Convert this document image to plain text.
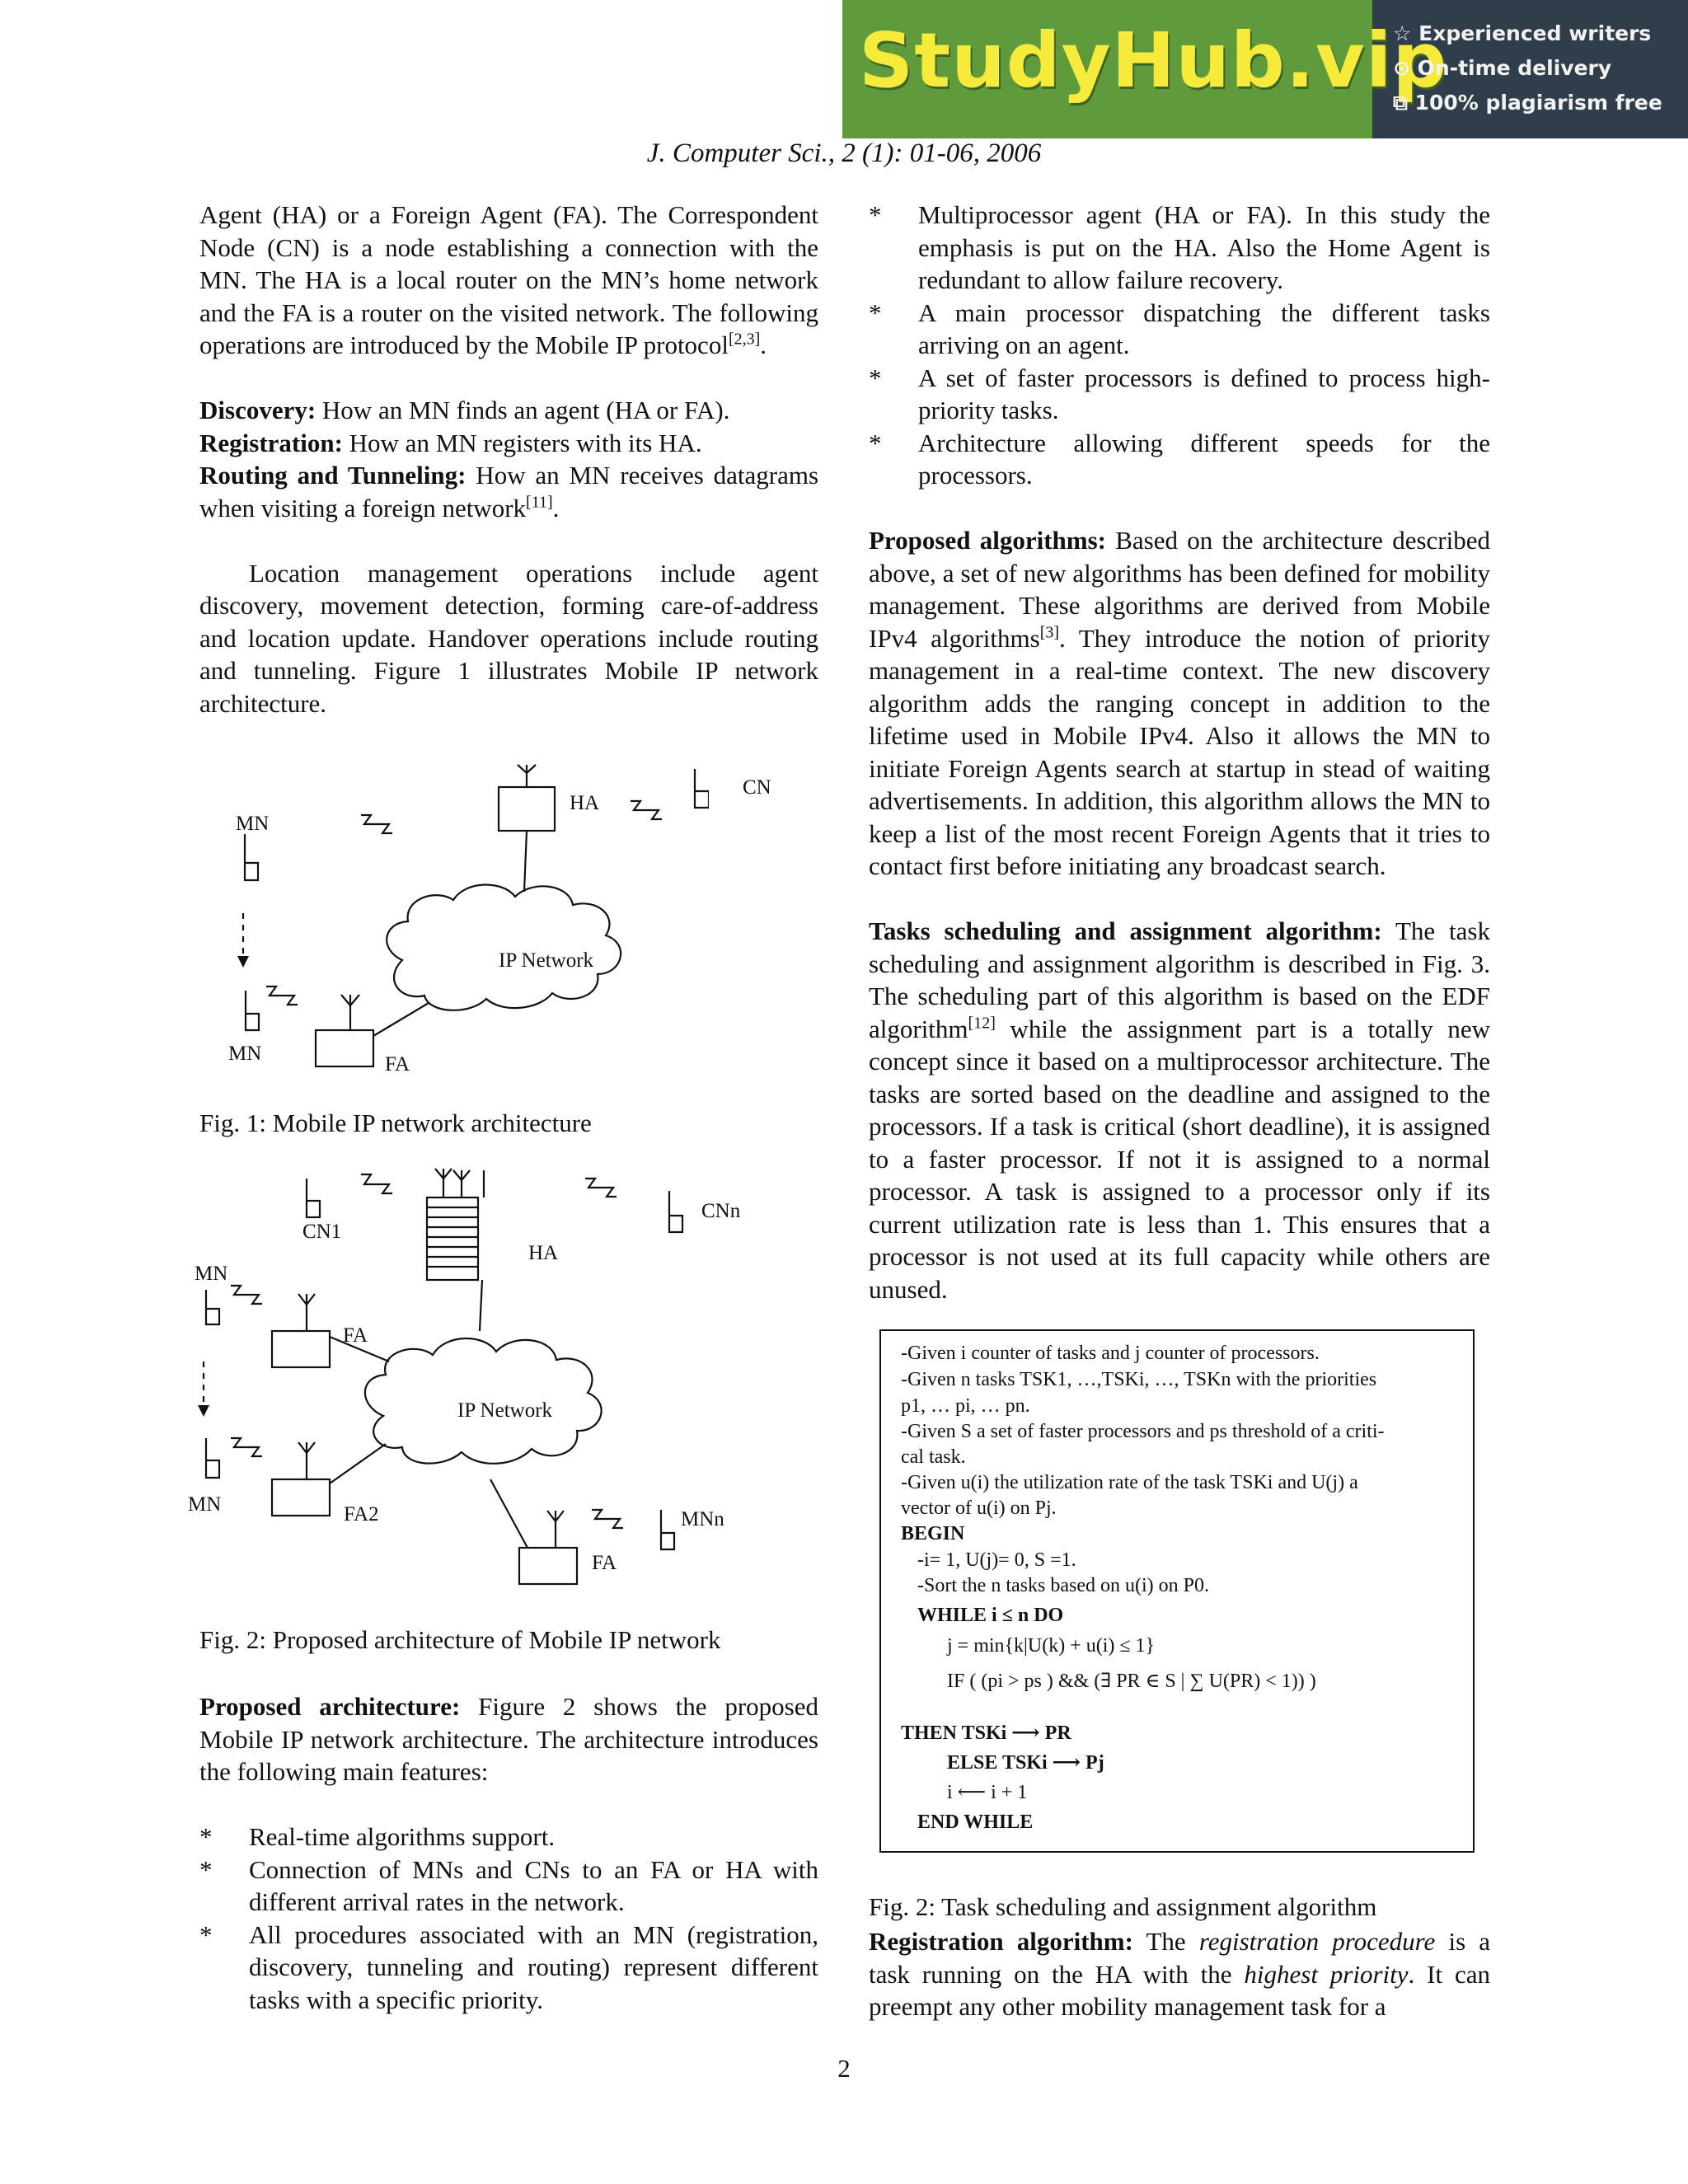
StudyHub.vip
☆ Experienced writers
⊙ On-time delivery
⧉ 100% plagiarism free
J. Computer Sci., 2 (1): 01-06, 2006

Agent (HA) or a Foreign Agent (FA). The Correspondent Node (CN) is a node establishing a connection with the MN. The HA is a local router on the MN’s home network and the FA is a router on the visited network. The following operations are introduced by the Mobile IP protocol[2,3].

Discovery: How an MN finds an agent (HA or FA).

Registration: How an MN registers with its HA.

Routing and Tunneling: How an MN receives datagrams when visiting a foreign network[11].

Location management operations include agent discovery, movement detection, forming care-of-address and location update. Handover operations include routing and tunneling. Figure 1 illustrates Mobile IP network architecture.

MN
HA
CN
IP Network
MN	FA
Fig. 1: Mobile IP network architecture
CN1
HA
CNn
MN
FA
IP Network
MN	FA2	MNn
FA
Fig. 2: Proposed architecture of Mobile IP network

Proposed architecture: Figure 2 shows the proposed Mobile IP network architecture. The architecture introduces the following main features:

* Real-time algorithms support.
* Connection of MNs and CNs to an FA or HA with different arrival rates in the network.
* All procedures associated with an MN (registration, discovery, tunneling and routing) represent different tasks with a specific priority.
* Multiprocessor agent (HA or FA). In this study the emphasis is put on the HA. Also the Home Agent is redundant to allow failure recovery.
* A main processor dispatching the different tasks arriving on an agent.
* A set of faster processors is defined to process high-priority tasks.
* Architecture allowing different speeds for the processors.

Proposed algorithms: Based on the architecture described above, a set of new algorithms has been defined for mobility management. These algorithms are derived from Mobile IPv4 algorithms[3]. They introduce the notion of priority management in a real-time context. The new discovery algorithm adds the ranging concept in addition to the lifetime used in Mobile IPv4. Also it allows the MN to initiate Foreign Agents search at startup in stead of waiting advertisements. In addition, this algorithm allows the MN to keep a list of the most recent Foreign Agents that it tries to contact first before initiating any broadcast search.

Tasks scheduling and assignment algorithm: The task scheduling and assignment algorithm is described in Fig. 3. The scheduling part of this algorithm is based on the EDF algorithm[12] while the assignment part is a totally new concept since it based on a multiprocessor architecture. The tasks are sorted based on the deadline and assigned to the processors. If a task is critical (short deadline), it is assigned to a faster processor. If not it is assigned to a normal processor. A task is assigned to a processor only if its current utilization rate is less than 1. This ensures that a processor is not used at its full capacity while others are unused.

-Given i counter of tasks and j counter of processors.
-Given n tasks TSK1, …,TSKi, …, TSKn with the priorities
p1, … pi, … pn.
-Given S a set of faster processors and ps threshold of a criti-
cal task.
-Given u(i) the utilization rate of the task TSKi and U(j) a
vector of u(i) on Pj.
BEGIN
-i= 1, U(j)= 0, S =1.
-Sort the n tasks based on u(i) on P0.
WHILE i ≤ n DO
j = min{k|U(k) + u(i) ≤ 1}
IF ( (pi > ps ) && (∃ PR ∈ S | ∑ U(PR) < 1)) )
THEN TSKi ⟶ PR
ELSE TSKi ⟶ Pj
i ⟵ i + 1
END WHILE
Fig. 2: Task scheduling and assignment algorithm

Registration algorithm: The registration procedure is a task running on the HA with the highest priority. It can preempt any other mobility management task for a

2
